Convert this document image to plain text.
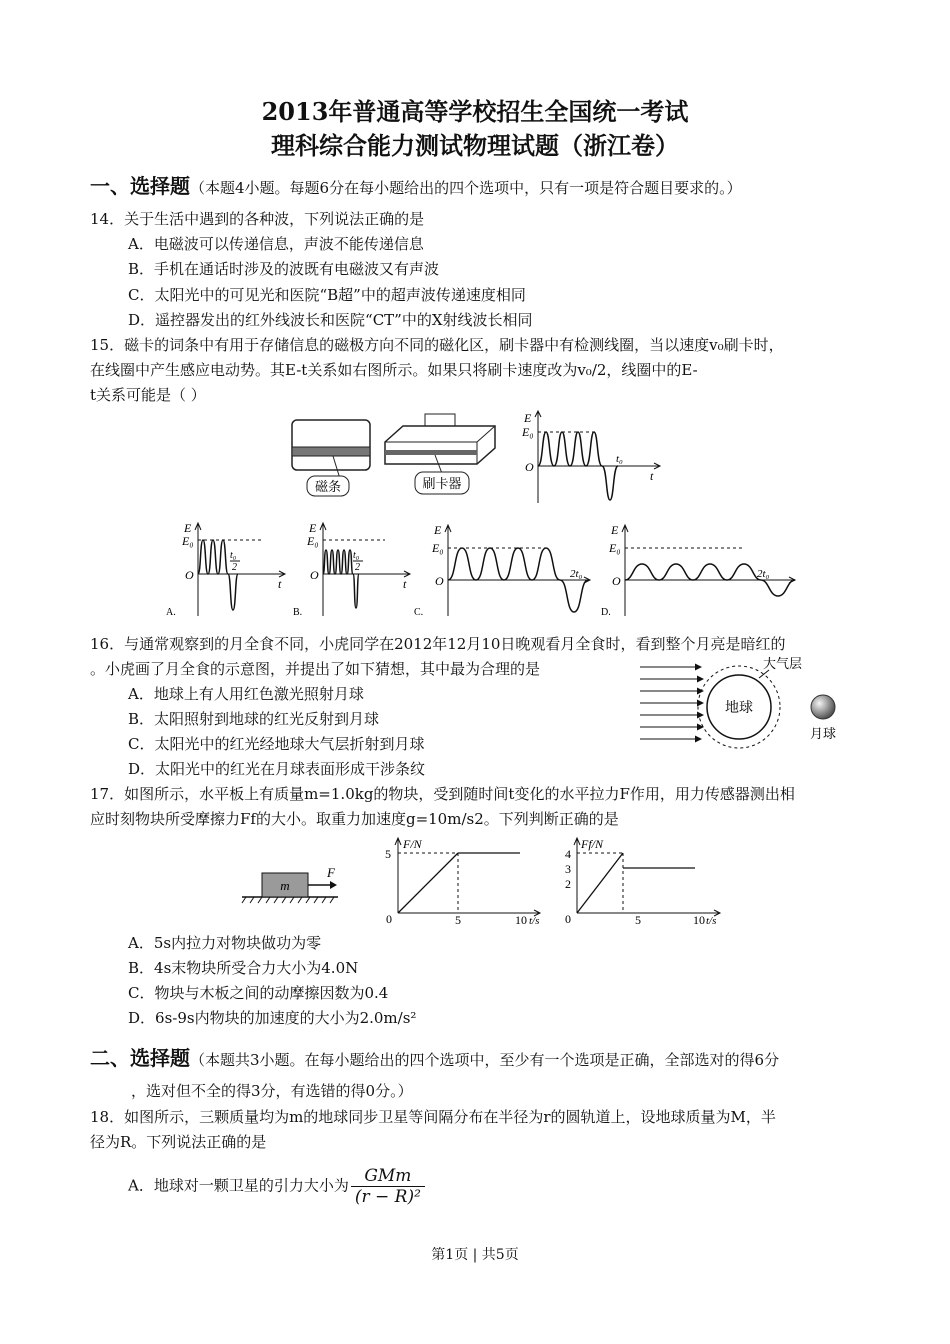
2013年普通高等学校招生全国统一考试
理科综合能力测试物理试题（浙江卷）
一、选择题（本题4小题。每题6分在每小题给出的四个选项中，只有一项是符合题目要求的。）
14．关于生活中遇到的各种波，下列说法正确的是
A．电磁波可以传递信息，声波不能传递信息
B．手机在通话时涉及的波既有电磁波又有声波
C．太阳光中的可见光和医院“B超”中的超声波传递速度相同
D．遥控器发出的红外线波长和医院“CT”中的X射线波长相同
15．磁卡的词条中有用于存储信息的磁极方向不同的磁化区，刷卡器中有检测线圈，当以速度v₀刷卡时，
在线圈中产生感应电动势。其E-t关系如右图所示。如果只将刷卡速度改为v₀/2，线圈中的E-
t关系可能是（ ）
磁条	刷卡器
E
E₀
O
t₀
t
E
E₀
O
t₀
2
t
A.
E
E₀
O
t₀
2
t
B.
E
E₀
O	2t₀
C.
E
E₀
O	2t₀
D.
16．与通常观察到的月全食不同，小虎同学在2012年12月10日晚观看月全食时，看到整个月亮是暗红的
。小虎画了月全食的示意图，并提出了如下猜想，其中最为合理的是
A．地球上有人用红色激光照射月球
B．太阳照射到地球的红光反射到月球
C．太阳光中的红光经地球大气层折射到月球
D．太阳光中的红光在月球表面形成干涉条纹
地球
大气层
月球
17．如图所示，水平板上有质量m=1.0kg的物块，受到随时间t变化的水平拉力F作用，用力传感器测出相
应时刻物块所受摩擦力Ff的大小。取重力加速度g=10m/s2。下列判断正确的是
m
F
F/N
5
0	5	10 t/s
Ff/N
4
3
2
0	5	10 t/s
A．5s内拉力对物块做功为零
B．4s末物块所受合力大小为4.0N
C．物块与木板之间的动摩擦因数为0.4
D．6s-9s内物块的加速度的大小为2.0m/s²
二、选择题（本题共3小题。在每小题给出的四个选项中，至少有一个选项是正确，全部选对的得6分
，选对但不全的得3分，有选错的得0分。）
18．如图所示，三颗质量均为m的地球同步卫星等间隔分布在半径为r的圆轨道上，设地球质量为M，半
径为R。下列说法正确的是
A．地球对一颗卫星的引力大小为 $\frac{\text{GMm}}{\text{(r − R)²}}$
第1页 | 共5页
